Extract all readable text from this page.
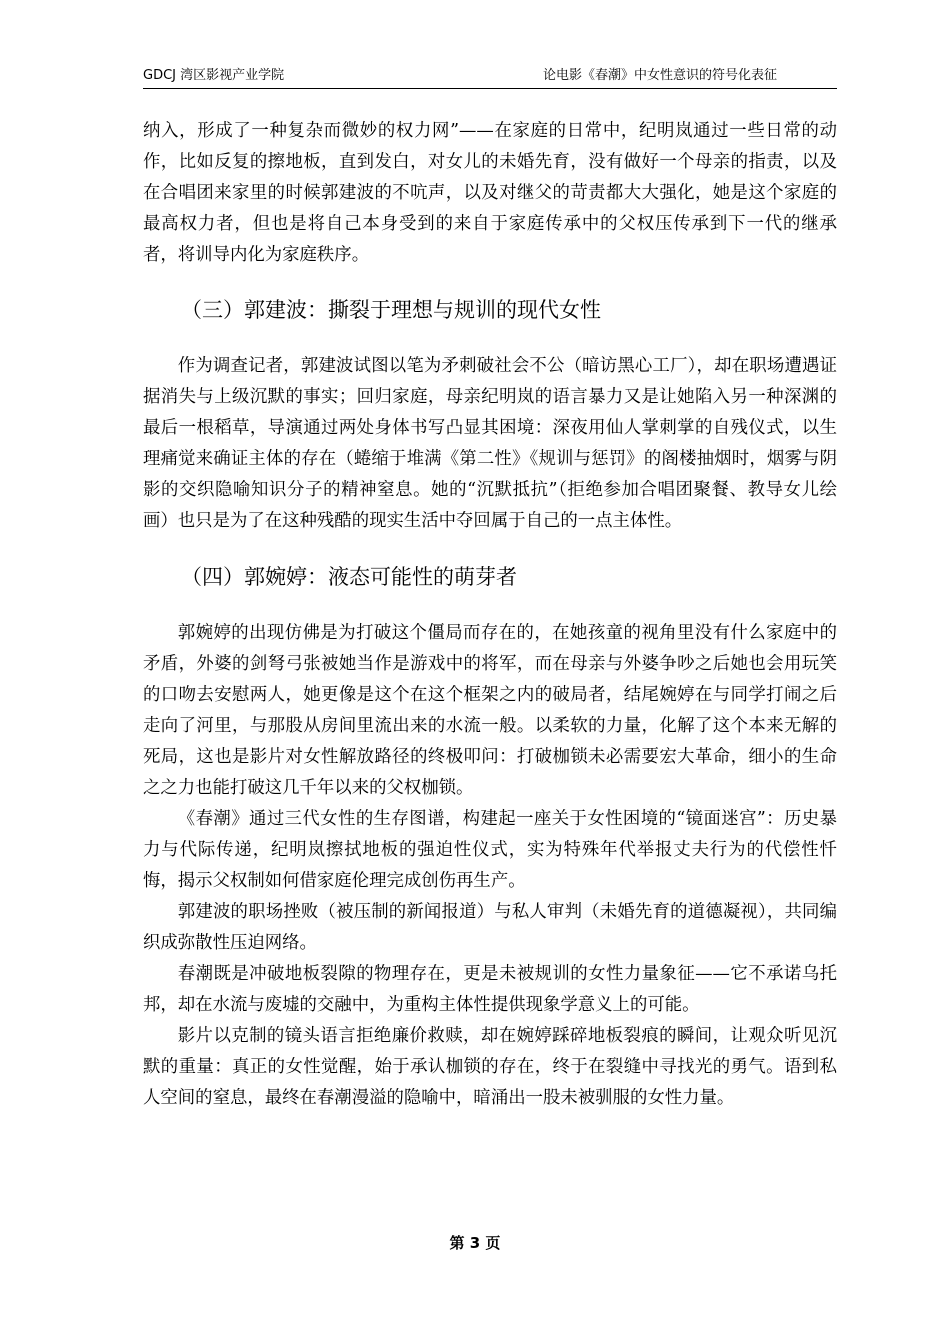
GDCJ 湾区影视产业学院	论电影《春潮》中女性意识的符号化表征

纳入，形成了一种复杂而微妙的权力网”——在家庭的日常中，纪明岚通过一些日常的动作，比如反复的擦地板，直到发白，对女儿的未婚先育，没有做好一个母亲的指责，以及在合唱团来家里的时候郭建波的不吭声，以及对继父的苛责都大大强化，她是这个家庭的最高权力者，但也是将自己本身受到的来自于家庭传承中的父权压传承到下一代的继承者，将训导内化为家庭秩序。

（三）郭建波：撕裂于理想与规训的现代女性

作为调查记者，郭建波试图以笔为矛刺破社会不公（暗访黑心工厂），却在职场遭遇证据消失与上级沉默的事实；回归家庭，母亲纪明岚的语言暴力又是让她陷入另一种深渊的最后一根稻草，导演通过两处身体书写凸显其困境：深夜用仙人掌刺掌的自残仪式，以生理痛觉来确证主体的存在（蜷缩于堆满《第二性》《规训与惩罚》的阁楼抽烟时，烟雾与阴影的交织隐喻知识分子的精神窒息。她的“沉默抵抗”（拒绝参加合唱团聚餐、教导女儿绘画）也只是为了在这种残酷的现实生活中夺回属于自己的一点主体性。

（四）郭婉婷：液态可能性的萌芽者

郭婉婷的出现仿佛是为打破这个僵局而存在的，在她孩童的视角里没有什么家庭中的矛盾，外婆的剑弩弓张被她当作是游戏中的将军，而在母亲与外婆争吵之后她也会用玩笑的口吻去安慰两人，她更像是这个在这个框架之内的破局者，结尾婉婷在与同学打闹之后走向了河里，与那股从房间里流出来的水流一般。以柔软的力量，化解了这个本来无解的死局，这也是影片对女性解放路径的终极叩问：打破枷锁未必需要宏大革命，细小的生命之之力也能打破这几千年以来的父权枷锁。

《春潮》通过三代女性的生存图谱，构建起一座关于女性困境的“镜面迷宫”：历史暴力与代际传递，纪明岚擦拭地板的强迫性仪式，实为特殊年代举报丈夫行为的代偿性忏悔，揭示父权制如何借家庭伦理完成创伤再生产。

郭建波的职场挫败（被压制的新闻报道）与私人审判（未婚先育的道德凝视），共同编织成弥散性压迫网络。

春潮既是冲破地板裂隙的物理存在，更是未被规训的女性力量象征——它不承诺乌托邦，却在水流与废墟的交融中，为重构主体性提供现象学意义上的可能。

影片以克制的镜头语言拒绝廉价救赎，却在婉婷踩碎地板裂痕的瞬间，让观众听见沉默的重量：真正的女性觉醒，始于承认枷锁的存在，终于在裂缝中寻找光的勇气。语到私人空间的窒息，最终在春潮漫溢的隐喻中，暗涌出一股未被驯服的女性力量。

第 3 页
